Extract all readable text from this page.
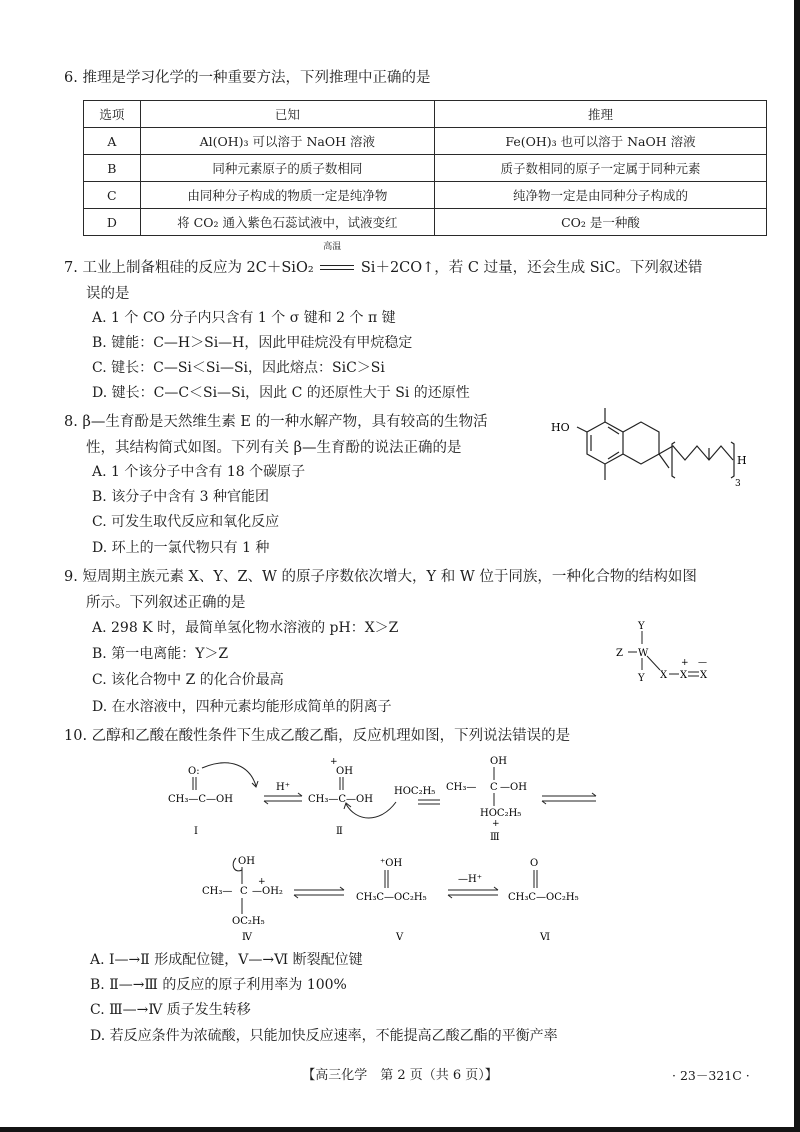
6. 推理是学习化学的一种重要方法，下列推理中正确的是
选项	已知	推理
A	Al(OH)₃ 可以溶于 NaOH 溶液	Fe(OH)₃ 也可以溶于 NaOH 溶液
B	同种元素原子的质子数相同	质子数相同的原子一定属于同种元素
C	由同种分子构成的物质一定是纯净物	纯净物一定是由同种分子构成的
D	将 CO₂ 通入紫色石蕊试液中，试液变红	CO₂ 是一种酸
7. 工业上制备粗硅的反应为 2C＋SiO₂
高温
Si＋2CO↑，若 C 过量，还会生成 SiC。下列叙述错
误的是
A. 1 个 CO 分子内只含有 1 个 σ 键和 2 个 π 键
B. 键能：C—H＞Si—H，因此甲硅烷没有甲烷稳定
C. 键长：C—Si＜Si—Si，因此熔点：SiC＞Si
D. 键长：C—C＜Si—Si，因此 C 的还原性大于 Si 的还原性
8. β—生育酚是天然维生素 E 的一种水解产物，具有较高的生物活
性，其结构简式如图。下列有关 β—生育酚的说法正确的是
A. 1 个该分子中含有 18 个碳原子
B. 该分子中含有 3 种官能团
C. 可发生取代反应和氧化反应
D. 环上的一氯代物只有 1 种
HO
H
3
9. 短周期主族元素 X、Y、Z、W 的原子序数依次增大，Y 和 W 位于同族，一种化合物的结构如图
所示。下列叙述正确的是
A. 298 K 时，最简单氢化物水溶液的 pH：X＞Z
B. 第一电离能：Y＞Z
C. 该化合物中 Z 的化合价最高
D. 在水溶液中，四种元素均能形成简单的阴离子
Y
Z W
Y X X X
+ —
10. 乙醇和乙酸在酸性条件下生成乙酸乙酯，反应机理如图，下列说法错误的是
O:
CH₃—C—OH
Ⅰ
H⁺
+
OH
CH₃—C—OH
Ⅱ
HOC₂H₅
OH
CH₃— C —OH
HOC₂H₅
+
Ⅲ
OH
CH₃— C —OH₂
+
OC₂H₅
Ⅳ
⁺OH
CH₃C—OC₂H₅
Ⅴ
—H⁺
O
CH₃C—OC₂H₅
Ⅵ
A. Ⅰ—→Ⅱ 形成配位键，Ⅴ—→Ⅵ 断裂配位键
B. Ⅱ—→Ⅲ 的反应的原子利用率为 100%
C. Ⅲ—→Ⅳ 质子发生转移
D. 若反应条件为浓硫酸，只能加快反应速率，不能提高乙酸乙酯的平衡产率
【高三化学　第 2 页（共 6 页）】	· 23－321C ·
